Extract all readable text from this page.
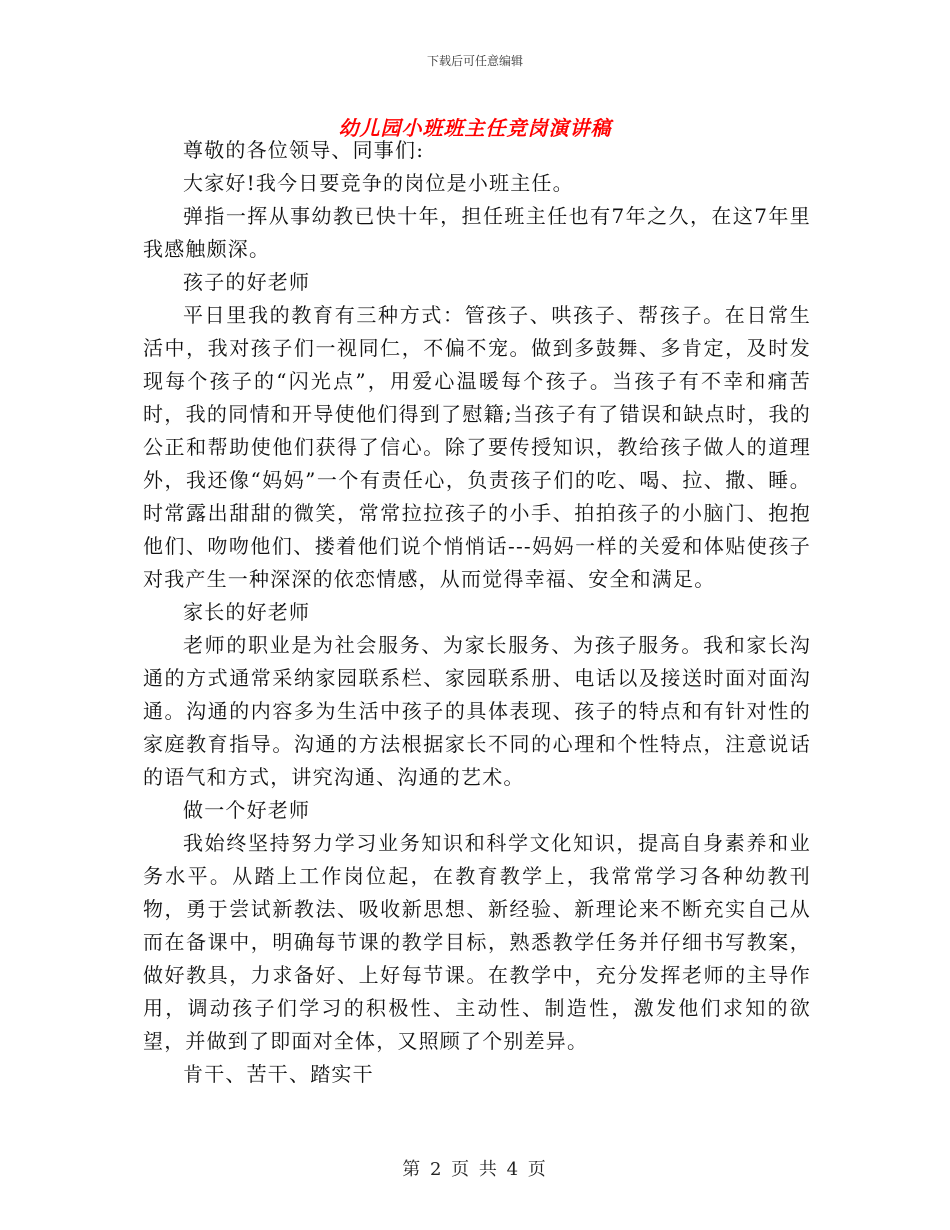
下载后可任意编辑
幼儿园小班班主任竞岗演讲稿

尊敬的各位领导、同事们:

大家好!我今日要竞争的岗位是小班主任。

弹指一挥从事幼教已快十年，担任班主任也有7年之久，在这7年里我感触颇深。

孩子的好老师

平日里我的教育有三种方式：管孩子、哄孩子、帮孩子。在日常生活中，我对孩子们一视同仁，不偏不宠。做到多鼓舞、多肯定，及时发现每个孩子的“闪光点”，用爱心温暖每个孩子。当孩子有不幸和痛苦时，我的同情和开导使他们得到了慰籍;当孩子有了错误和缺点时，我的公正和帮助使他们获得了信心。除了要传授知识，教给孩子做人的道理外，我还像“妈妈”一个有责任心，负责孩子们的吃、喝、拉、撒、睡。时常露出甜甜的微笑，常常拉拉孩子的小手、拍拍孩子的小脑门、抱抱他们、吻吻他们、搂着他们说个悄悄话---妈妈一样的关爱和体贴使孩子对我产生一种深深的依恋情感，从而觉得幸福、安全和满足。

家长的好老师

老师的职业是为社会服务、为家长服务、为孩子服务。我和家长沟通的方式通常采纳家园联系栏、家园联系册、电话以及接送时面对面沟通。沟通的内容多为生活中孩子的具体表现、孩子的特点和有针对性的家庭教育指导。沟通的方法根据家长不同的心理和个性特点，注意说话的语气和方式，讲究沟通、沟通的艺术。

做一个好老师

我始终坚持努力学习业务知识和科学文化知识，提高自身素养和业务水平。从踏上工作岗位起，在教育教学上，我常常学习各种幼教刊物，勇于尝试新教法、吸收新思想、新经验、新理论来不断充实自己从而在备课中，明确每节课的教学目标，熟悉教学任务并仔细书写教案，做好教具，力求备好、上好每节课。在教学中，充分发挥老师的主导作用，调动孩子们学习的积极性、主动性、制造性，激发他们求知的欲望，并做到了即面对全体，又照顾了个别差异。

肯干、苦干、踏实干

第 2 页 共 4 页
